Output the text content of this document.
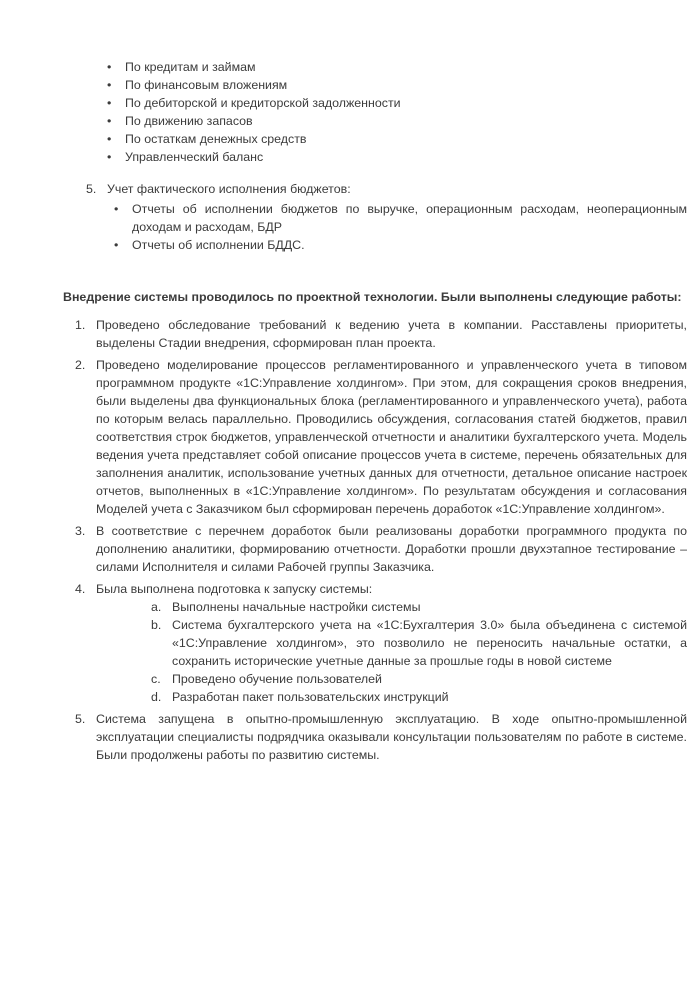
• По кредитам и займам
• По финансовым вложениям
• По дебиторской и кредиторской задолженности
• По движению запасов
• По остаткам денежных средств
• Управленческий баланс
5. Учет фактического исполнения бюджетов:
• Отчеты об исполнении бюджетов по выручке, операционным расходам, неоперационным доходам и расходам, БДР
• Отчеты об исполнении БДДС.

Внедрение системы проводилось по проектной технологии. Были выполнены следующие работы:

1. Проведено обследование требований к ведению учета в компании. Расставлены приоритеты, выделены Стадии внедрения, сформирован план проекта.
2. Проведено моделирование процессов регламентированного и управленческого учета в типовом программном продукте «1С:Управление холдингом». При этом, для сокращения сроков внедрения, были выделены два функциональных блока (регламентированного и управленческого учета), работа по которым велась параллельно. Проводились обсуждения, согласования статей бюджетов, правил соответствия строк бюджетов, управленческой отчетности и аналитики бухгалтерского учета. Модель ведения учета представляет собой описание процессов учета в системе, перечень обязательных для заполнения аналитик, использование учетных данных для отчетности, детальное описание настроек отчетов, выполненных в «1С:Управление холдингом». По результатам обсуждения и согласования Моделей учета с Заказчиком был сформирован перечень доработок «1С:Управление холдингом».
3. В соответствие с перечнем доработок были реализованы доработки программного продукта по дополнению аналитики, формированию отчетности. Доработки прошли двухэтапное тестирование – силами Исполнителя и силами Рабочей группы Заказчика.
4. Была выполнена подготовка к запуску системы:
a. Выполнены начальные настройки системы
b. Система бухгалтерского учета на «1С:Бухгалтерия 3.0» была объединена с системой «1С:Управление холдингом», это позволило не переносить начальные остатки, а сохранить исторические учетные данные за прошлые годы в новой системе
c. Проведено обучение пользователей
d. Разработан пакет пользовательских инструкций
5. Система запущена в опытно-промышленную эксплуатацию. В ходе опытно-промышленной эксплуатации специалисты подрядчика оказывали консультации пользователям по работе в системе. Были продолжены работы по развитию системы.
